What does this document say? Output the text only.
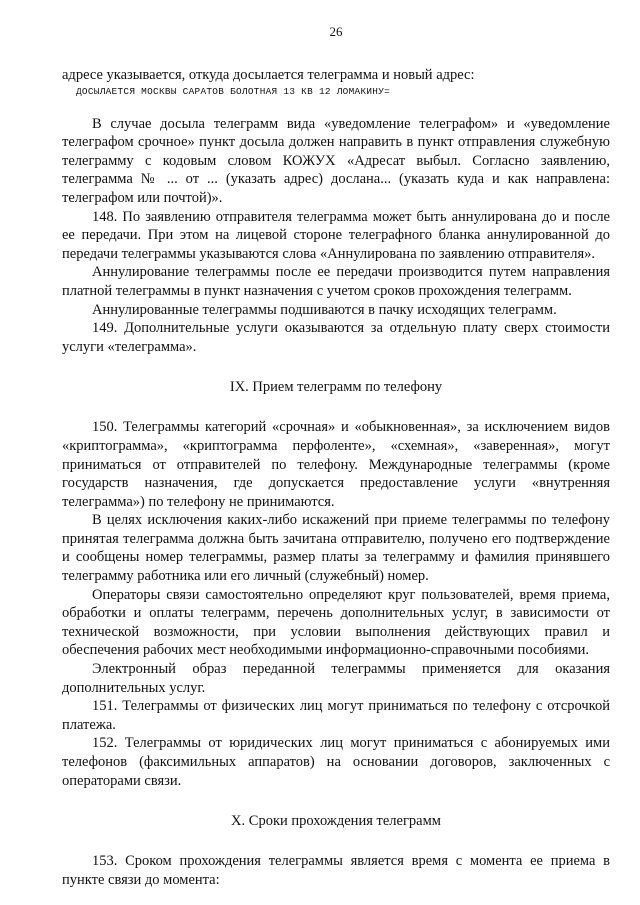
26

адресе указывается, откуда досылается телеграмма и новый адрес:

ДОСЫЛАЕТСЯ МОСКВЫ САРАТОВ БОЛОТНАЯ 13 КВ 12 ЛОМАКИНУ=

В случае досыла телеграмм вида «уведомление телеграфом» и «уведомление телеграфом срочное» пункт досыла должен направить в пункт отправления служебную телеграмму с кодовым словом КОЖУХ «Адресат выбыл. Согласно заявлению, телеграмма № ... от ... (указать адрес) дослана... (указать куда и как направлена: телеграфом или почтой)».

148. По заявлению отправителя телеграмма может быть аннулирована до и после ее передачи. При этом на лицевой стороне телеграфного бланка аннулированной до передачи телеграммы указываются слова «Аннулирована по заявлению отправителя».

Аннулирование телеграммы после ее передачи производится путем направления платной телеграммы в пункт назначения с учетом сроков прохождения телеграмм.

Аннулированные телеграммы подшиваются в пачку исходящих телеграмм.

149. Дополнительные услуги оказываются за отдельную плату сверх стоимости услуги «телеграмма».

IX. Прием телеграмм по телефону

150. Телеграммы категорий «срочная» и «обыкновенная», за исключением видов «криптограмма», «криптограмма перфоленте», «схемная», «заверенная», могут приниматься от отправителей по телефону. Международные телеграммы (кроме государств назначения, где допускается предоставление услуги «внутренняя телеграмма») по телефону не принимаются.

В целях исключения каких-либо искажений при приеме телеграммы по телефону принятая телеграмма должна быть зачитана отправителю, получено его подтверждение и сообщены номер телеграммы, размер платы за телеграмму и фамилия принявшего телеграмму работника или его личный (служебный) номер.

Операторы связи самостоятельно определяют круг пользователей, время приема, обработки и оплаты телеграмм, перечень дополнительных услуг, в зависимости от технической возможности, при условии выполнения действующих правил и обеспечения рабочих мест необходимыми информационно-справочными пособиями.

Электронный образ переданной телеграммы применяется для оказания дополнительных услуг.

151. Телеграммы от физических лиц могут приниматься по телефону с отсрочкой платежа.

152. Телеграммы от юридических лиц могут приниматься с абонируемых ими телефонов (факсимильных аппаратов) на основании договоров, заключенных с операторами связи.

X. Сроки прохождения телеграмм

153. Сроком прохождения телеграммы является время с момента ее приема в пункте связи до момента:
